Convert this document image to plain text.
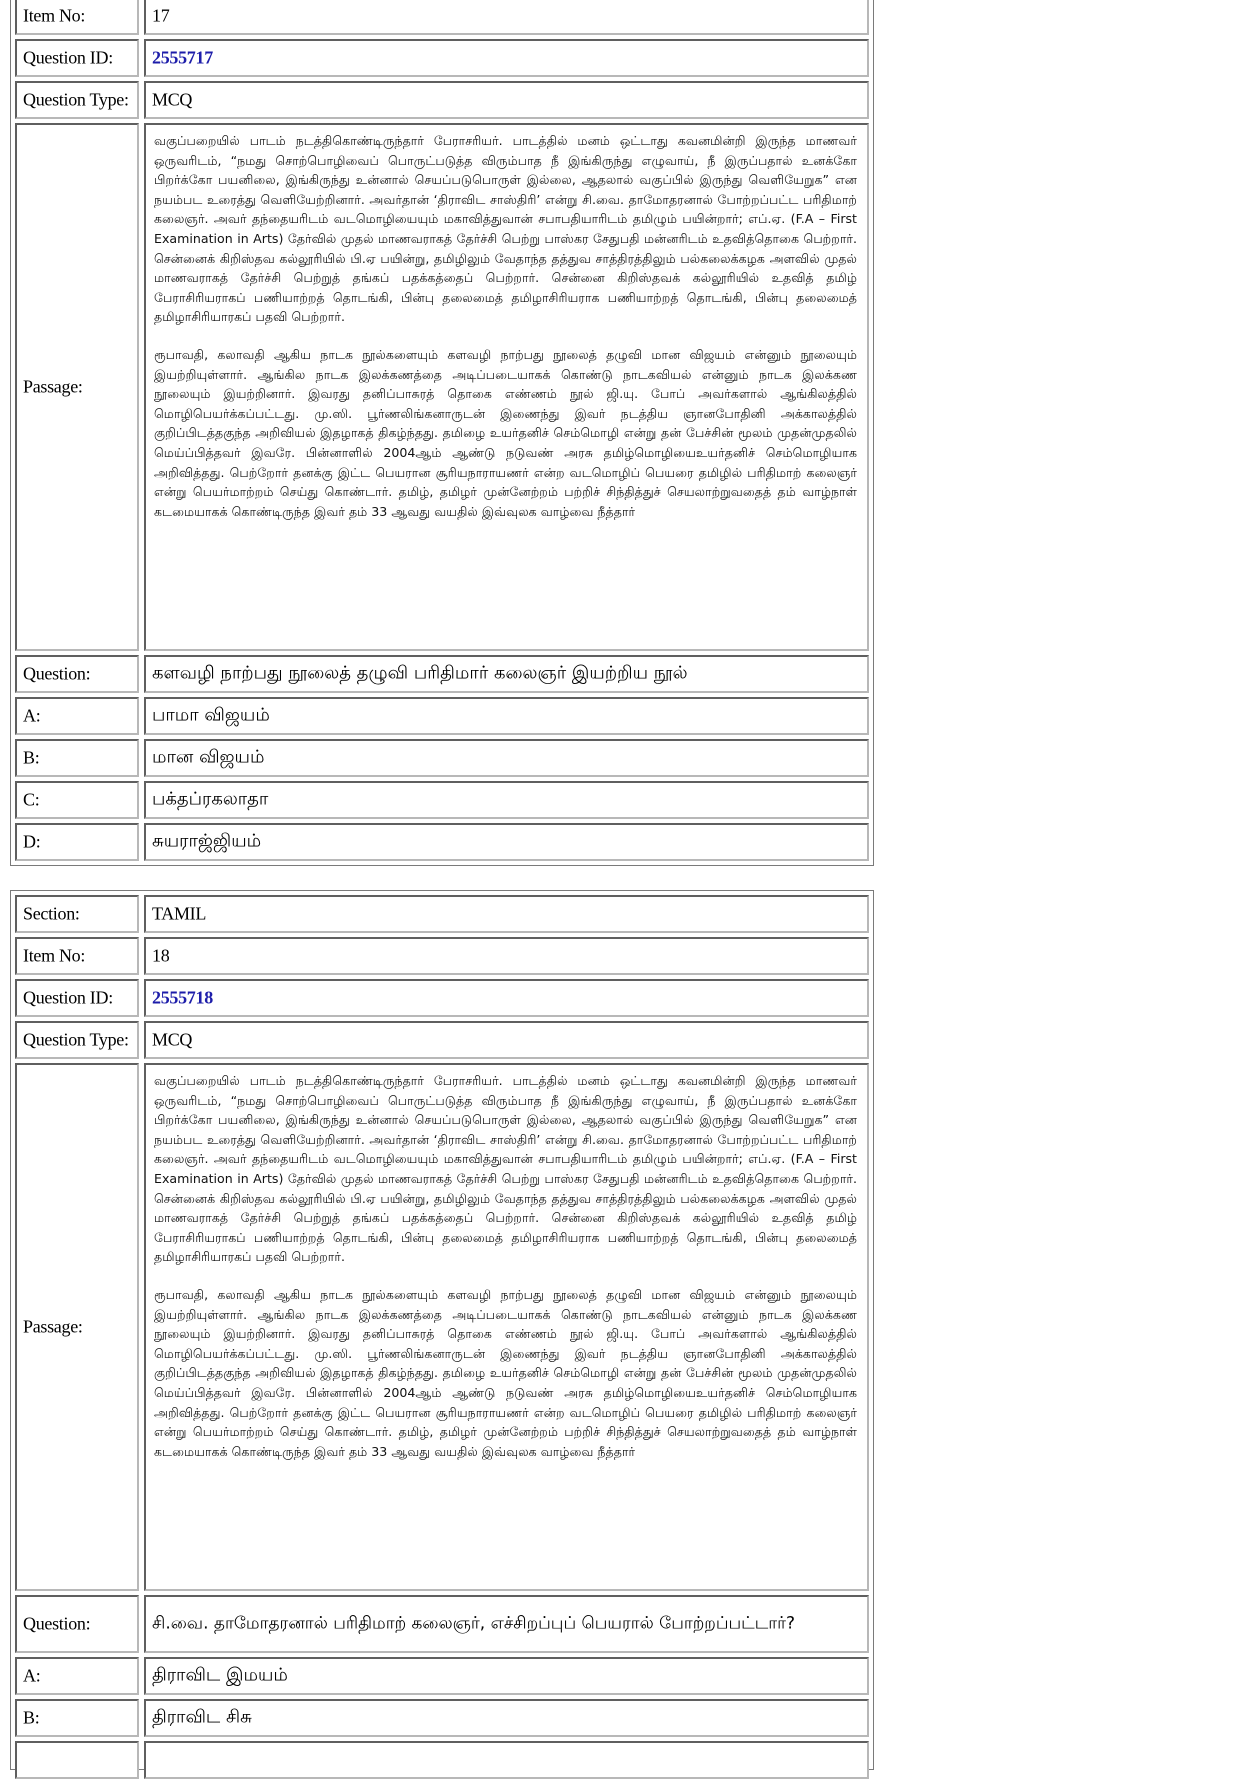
Item No:	17
Question ID:	2555717
Question Type: MCQ
Passage:

வகுப்பறையில் பாடம் நடத்திகொண்டிருந்தார் பேராசரியர். பாடத்தில் மனம் ஒட்டாது கவனமின்றி இருந்த மாணவர் ஒருவரிடம், “நமது சொற்பொழிவைப் பொருட்படுத்த விரும்பாத நீ இங்கிருந்து எழுவாய், நீ இருப்பதால் உனக்கோ பிறர்க்கோ பயனிலை, இங்கிருந்து உன்னால் செயப்படுபொருள் இல்லை, ஆதலால் வகுப்பில் இருந்து வெளியேறுக” என நயம்பட உரைத்து வெளியேற்றினார். அவர்தான் ‘திராவிட சாஸ்திரி’ என்று சி.வை. தாமோதரனால் போற்றப்பட்ட பரிதிமாற் கலைஞர். அவர் தந்தையரிடம் வடமொழியையும் மகாவித்துவான் சபாபதியாரிடம் தமிழும் பயின்றார்; எப்.ஏ. (F.A – First Examination in Arts) தேர்வில் முதல் மாணவராகத் தேர்ச்சி பெற்று பாஸ்கர சேதுபதி மன்னரிடம் உதவித்தொகை பெற்றார். சென்னைக் கிறிஸ்தவ கல்லூரியில் பி.ஏ பயின்று, தமிழிலும் வேதாந்த தத்துவ சாத்திரத்திலும் பல்கலைக்கழக அளவில் முதல் மாணவராகத் தேர்ச்சி பெற்றுத் தங்கப் பதக்கத்தைப் பெற்றார். சென்னை கிறிஸ்தவக் கல்லூரியில் உதவித் தமிழ் பேராசிரியராகப் பணியாற்றத் தொடங்கி, பின்பு தலைமைத் தமிழாசிரியராக பணியாற்றத் தொடங்கி, பின்பு தலைமைத் தமிழாசிரியாரகப் பதவி பெற்றார்.

ரூபாவதி, கலாவதி ஆகிய நாடக நூல்களையும் களவழி நாற்பது நூலைத் தழுவி மான விஜயம் என்னும் நூலையும் இயற்றியுள்ளார். ஆங்கில நாடக இலக்கணத்தை அடிப்படையாகக் கொண்டு நாடகவியல் என்னும் நாடக இலக்கண நூலையும் இயற்றினார். இவரது தனிப்பாசுரத் தொகை எண்ணம் நூல் ஜி.யு. போப் அவர்களால் ஆங்கிலத்தில் மொழிபெயர்க்கப்பட்டது. மு.ஸி. பூர்ணலிங்கனாருடன் இணைந்து இவர் நடத்திய ஞானபோதினி அக்காலத்தில் குறிப்பிடத்தகுந்த அறிவியல் இதழாகத் திகழ்ந்தது. தமிழை உயர்தனிச் செம்மொழி என்று தன் பேச்சின் மூலம் முதன்முதலில் மெய்ப்பித்தவர் இவரே. பின்னாளில் 2004ஆம் ஆண்டு நடுவண் அரசு தமிழ்மொழியைஉயர்தனிச் செம்மொழியாக அறிவித்தது. பெற்றோர் தனக்கு இட்ட பெயரான சூரியநாராயணர் என்ற வடமொழிப் பெயரை தமிழில் பரிதிமாற் கலைஞர் என்று பெயர்மாற்றம் செய்து கொண்டார். தமிழ், தமிழர் முன்னேற்றம் பற்றிச் சிந்தித்துச் செயலாற்றுவதைத் தம் வாழ்நாள் கடமையாகக் கொண்டிருந்த இவர் தம் 33 ஆவது வயதில் இவ்வுலக வாழ்வை நீத்தார்

Question:	களவழி நாற்பது நூலைத் தழுவி பரிதிமார் கலைஞர் இயற்றிய நூல்
A:	பாமா விஜயம்
B:	மான விஜயம்
C:	பக்தப்ரகலாதா
D:	சுயராஜ்ஜியம்
Section:	TAMIL
Item No:	18
Question ID:	2555718
Question Type: MCQ
Passage:

வகுப்பறையில் பாடம் நடத்திகொண்டிருந்தார் பேராசரியர். பாடத்தில் மனம் ஒட்டாது கவனமின்றி இருந்த மாணவர் ஒருவரிடம், “நமது சொற்பொழிவைப் பொருட்படுத்த விரும்பாத நீ இங்கிருந்து எழுவாய், நீ இருப்பதால் உனக்கோ பிறர்க்கோ பயனிலை, இங்கிருந்து உன்னால் செயப்படுபொருள் இல்லை, ஆதலால் வகுப்பில் இருந்து வெளியேறுக” என நயம்பட உரைத்து வெளியேற்றினார். அவர்தான் ‘திராவிட சாஸ்திரி’ என்று சி.வை. தாமோதரனால் போற்றப்பட்ட பரிதிமாற் கலைஞர். அவர் தந்தையரிடம் வடமொழியையும் மகாவித்துவான் சபாபதியாரிடம் தமிழும் பயின்றார்; எப்.ஏ. (F.A – First Examination in Arts) தேர்வில் முதல் மாணவராகத் தேர்ச்சி பெற்று பாஸ்கர சேதுபதி மன்னரிடம் உதவித்தொகை பெற்றார். சென்னைக் கிறிஸ்தவ கல்லூரியில் பி.ஏ பயின்று, தமிழிலும் வேதாந்த தத்துவ சாத்திரத்திலும் பல்கலைக்கழக அளவில் முதல் மாணவராகத் தேர்ச்சி பெற்றுத் தங்கப் பதக்கத்தைப் பெற்றார். சென்னை கிறிஸ்தவக் கல்லூரியில் உதவித் தமிழ் பேராசிரியராகப் பணியாற்றத் தொடங்கி, பின்பு தலைமைத் தமிழாசிரியராக பணியாற்றத் தொடங்கி, பின்பு தலைமைத் தமிழாசிரியாரகப் பதவி பெற்றார்.

ரூபாவதி, கலாவதி ஆகிய நாடக நூல்களையும் களவழி நாற்பது நூலைத் தழுவி மான விஜயம் என்னும் நூலையும் இயற்றியுள்ளார். ஆங்கில நாடக இலக்கணத்தை அடிப்படையாகக் கொண்டு நாடகவியல் என்னும் நாடக இலக்கண நூலையும் இயற்றினார். இவரது தனிப்பாசுரத் தொகை எண்ணம் நூல் ஜி.யு. போப் அவர்களால் ஆங்கிலத்தில் மொழிபெயர்க்கப்பட்டது. மு.ஸி. பூர்ணலிங்கனாருடன் இணைந்து இவர் நடத்திய ஞானபோதினி அக்காலத்தில் குறிப்பிடத்தகுந்த அறிவியல் இதழாகத் திகழ்ந்தது. தமிழை உயர்தனிச் செம்மொழி என்று தன் பேச்சின் மூலம் முதன்முதலில் மெய்ப்பித்தவர் இவரே. பின்னாளில் 2004ஆம் ஆண்டு நடுவண் அரசு தமிழ்மொழியைஉயர்தனிச் செம்மொழியாக அறிவித்தது. பெற்றோர் தனக்கு இட்ட பெயரான சூரியநாராயணர் என்ற வடமொழிப் பெயரை தமிழில் பரிதிமாற் கலைஞர் என்று பெயர்மாற்றம் செய்து கொண்டார். தமிழ், தமிழர் முன்னேற்றம் பற்றிச் சிந்தித்துச் செயலாற்றுவதைத் தம் வாழ்நாள் கடமையாகக் கொண்டிருந்த இவர் தம் 33 ஆவது வயதில் இவ்வுலக வாழ்வை நீத்தார்

Question:	சி.வை. தாமோதரனால் பரிதிமாற் கலைஞர், எச்சிறப்புப் பெயரால் போற்றப்பட்டார்?
A:	திராவிட இமயம்
B:	திராவிட சிசு
